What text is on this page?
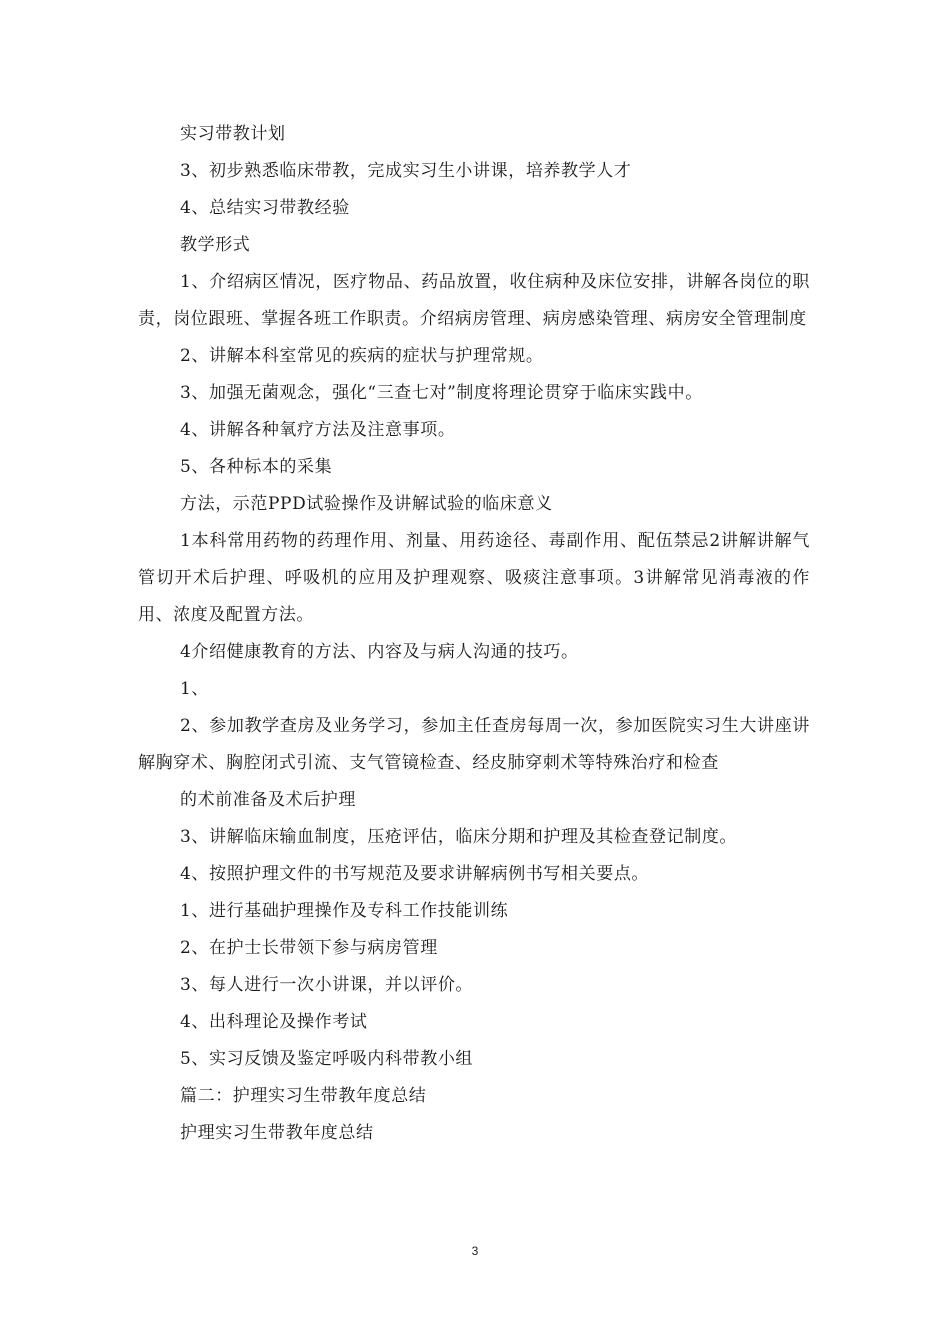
实习带教计划

3、初步熟悉临床带教，完成实习生小讲课，培养教学人才

4、总结实习带教经验

教学形式

1、介绍病区情况，医疗物品、药品放置，收住病种及床位安排，讲解各岗位的职责，岗位跟班、掌握各班工作职责。介绍病房管理、病房感染管理、病房安全管理制度

2、讲解本科室常见的疾病的症状与护理常规。

3、加强无菌观念，强化“三查七对”制度将理论贯穿于临床实践中。

4、讲解各种氧疗方法及注意事项。

5、各种标本的采集

方法，示范PPD试验操作及讲解试验的临床意义

1本科常用药物的药理作用、剂量、用药途径、毒副作用、配伍禁忌2讲解讲解气管切开术后护理、呼吸机的应用及护理观察、吸痰注意事项。3讲解常见消毒液的作用、浓度及配置方法。

4介绍健康教育的方法、内容及与病人沟通的技巧。

1、

2、参加教学查房及业务学习，参加主任查房每周一次，参加医院实习生大讲座讲解胸穿术、胸腔闭式引流、支气管镜检查、经皮肺穿刺术等特殊治疗和检查

的术前准备及术后护理

3、讲解临床输血制度，压疮评估，临床分期和护理及其检查登记制度。

4、按照护理文件的书写规范及要求讲解病例书写相关要点。

1、进行基础护理操作及专科工作技能训练

2、在护士长带领下参与病房管理

3、每人进行一次小讲课，并以评价。

4、出科理论及操作考试

5、实习反馈及鉴定呼吸内科带教小组

篇二：护理实习生带教年度总结

护理实习生带教年度总结

3
